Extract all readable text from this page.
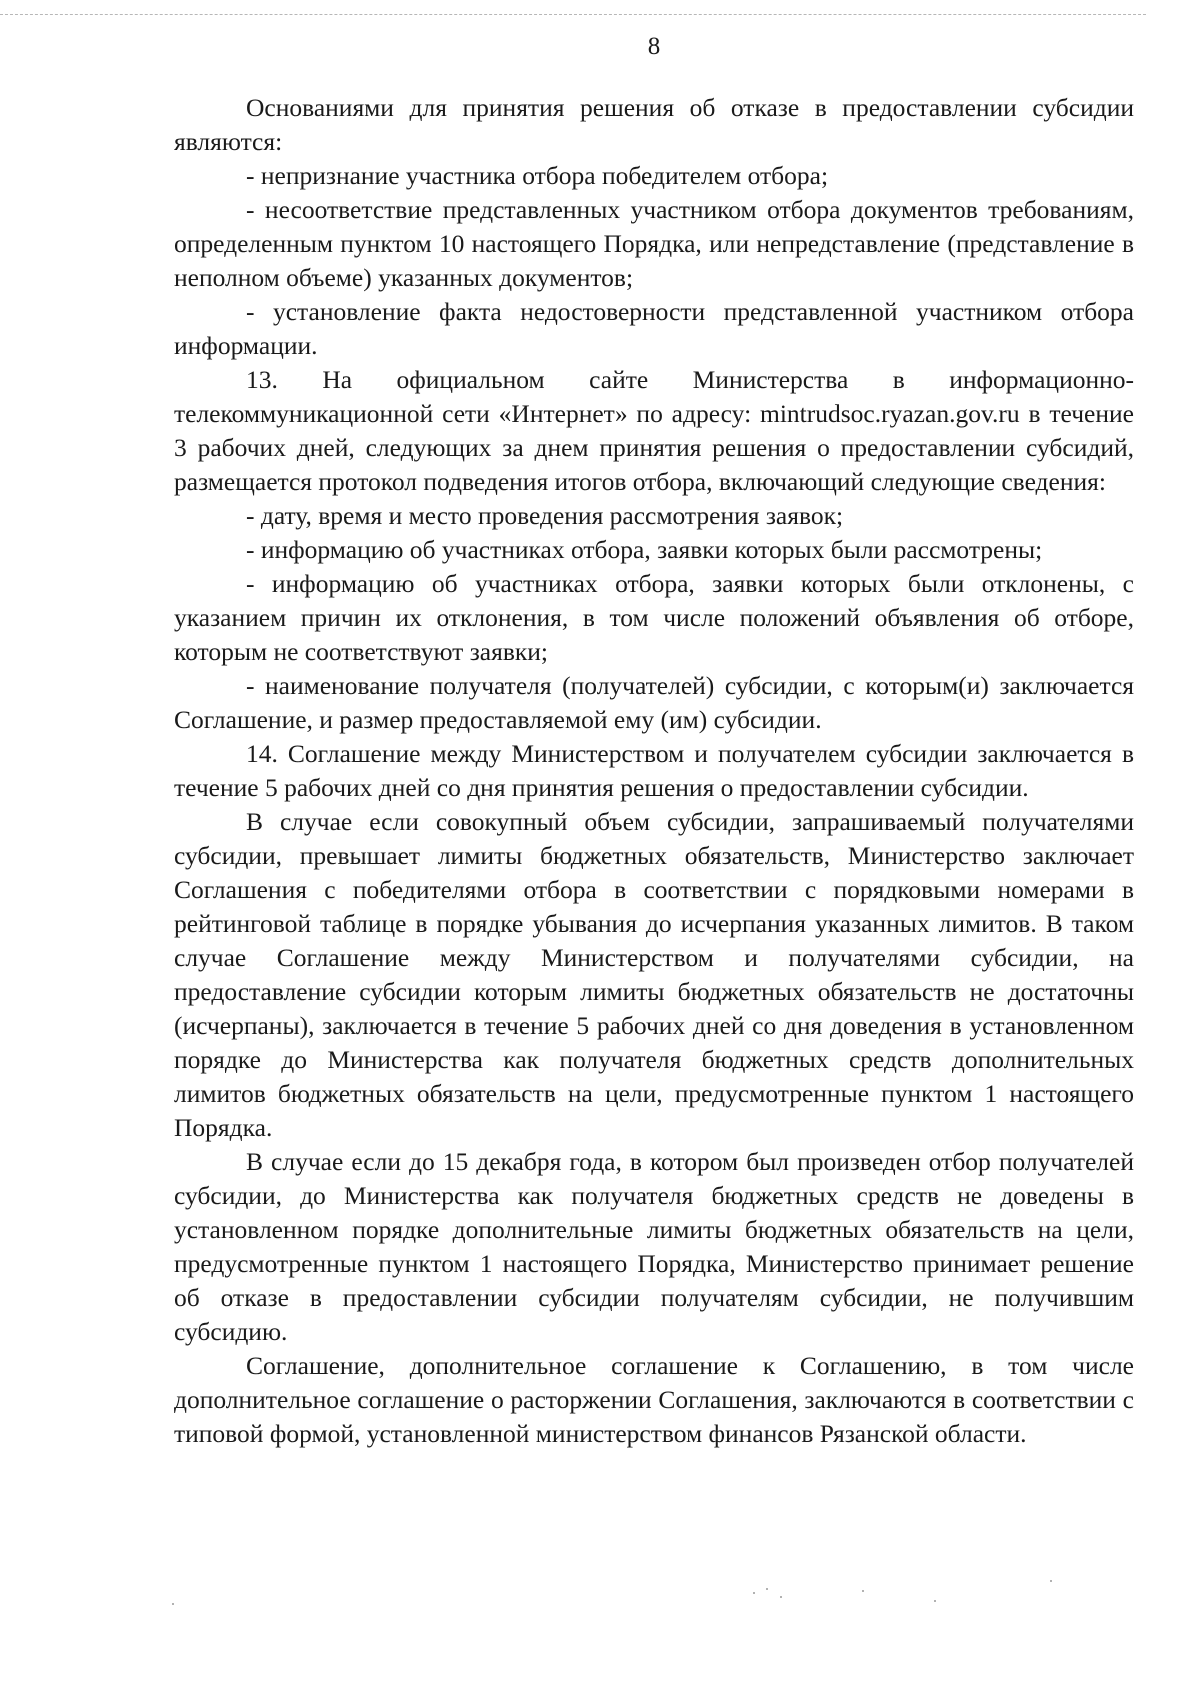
8

Основаниями для принятия решения об отказе в предоставлении субсидии являются:

- непризнание участника отбора победителем отбора;

- несоответствие представленных участником отбора документов требованиям, определенным пунктом 10 настоящего Порядка, или непредставление (представление в неполном объеме) указанных документов;

- установление факта недостоверности представленной участником отбора информации.

13. На официальном сайте Министерства в информационно-телекоммуникационной сети «Интернет» по адресу: mintrudsoc.ryazan.gov.ru в течение 3 рабочих дней, следующих за днем принятия решения о предоставлении субсидий, размещается протокол подведения итогов отбора, включающий следующие сведения:

- дату, время и место проведения рассмотрения заявок;

- информацию об участниках отбора, заявки которых были рассмотрены;

- информацию об участниках отбора, заявки которых были отклонены, с указанием причин их отклонения, в том числе положений объявления об отборе, которым не соответствуют заявки;

- наименование получателя (получателей) субсидии, с которым(и) заключается Соглашение, и размер предоставляемой ему (им) субсидии.

14. Соглашение между Министерством и получателем субсидии заключается в течение 5 рабочих дней со дня принятия решения о предоставлении субсидии.

В случае если совокупный объем субсидии, запрашиваемый получателями субсидии, превышает лимиты бюджетных обязательств, Министерство заключает Соглашения с победителями отбора в соответствии с порядковыми номерами в рейтинговой таблице в порядке убывания до исчерпания указанных лимитов. В таком случае Соглашение между Министерством и получателями субсидии, на предоставление субсидии которым лимиты бюджетных обязательств не достаточны (исчерпаны), заключается в течение 5 рабочих дней со дня доведения в установленном порядке до Министерства как получателя бюджетных средств дополнительных лимитов бюджетных обязательств на цели, предусмотренные пунктом 1 настоящего Порядка.

В случае если до 15 декабря года, в котором был произведен отбор получателей субсидии, до Министерства как получателя бюджетных средств не доведены в установленном порядке дополнительные лимиты бюджетных обязательств на цели, предусмотренные пунктом 1 настоящего Порядка, Министерство принимает решение об отказе в предоставлении субсидии получателям субсидии, не получившим субсидию.

Соглашение, дополнительное соглашение к Соглашению, в том числе дополнительное соглашение о расторжении Соглашения, заключаются в соответствии с типовой формой, установленной министерством финансов Рязанской области.
